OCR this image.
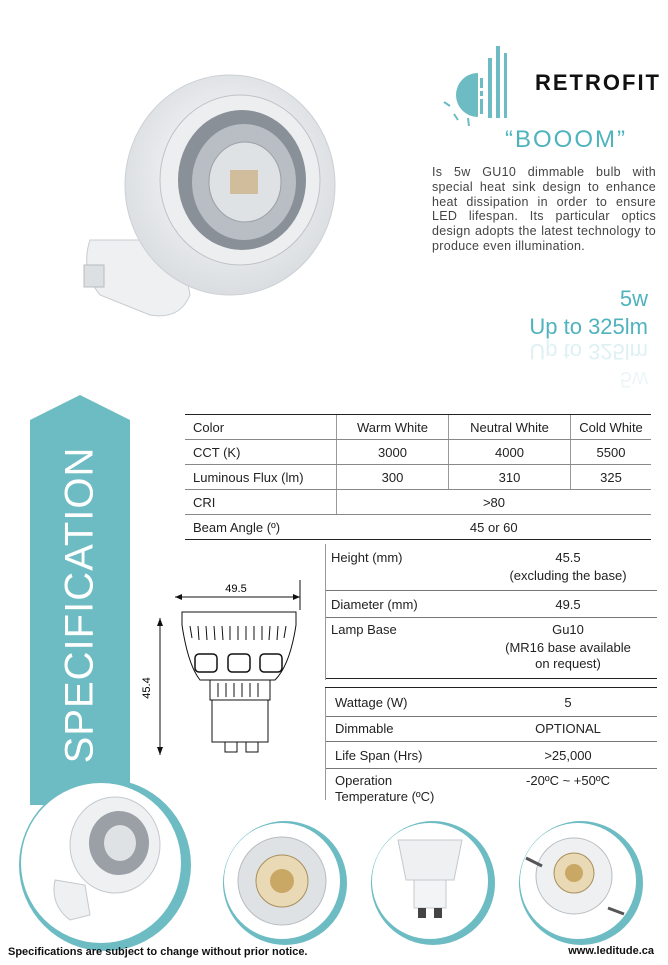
RETROFIT
“BOOOM”
Is 5w GU10 dimmable bulb with special heat sink design to enhance heat dissipation in order to ensure LED lifespan. Its particular optics design adopts the latest technology to produce even illumination.
5w
Up to 325lm
Up to 325lm
5w
SPECIFICATION
Color	Warm White	Neutral White	Cold White
CCT (K)	3000	4000	5500
Luminous Flux (lm)	300	310	325
CRI	>80		
Beam Angle (º)	45 or 60		
Height (mm)	45.5
(excluding the base)
Diameter (mm)	49.5
Lamp Base	Gu10
(MR16 base available
on request)
Wattage (W)	5
Dimmable	OPTIONAL
Life Span (Hrs)	>25,000
Operation
Temperature (ºC)
-20ºC ~ +50ºC
49.5
45.4
Specifications are subject to change without prior notice.	www.leditude.ca
